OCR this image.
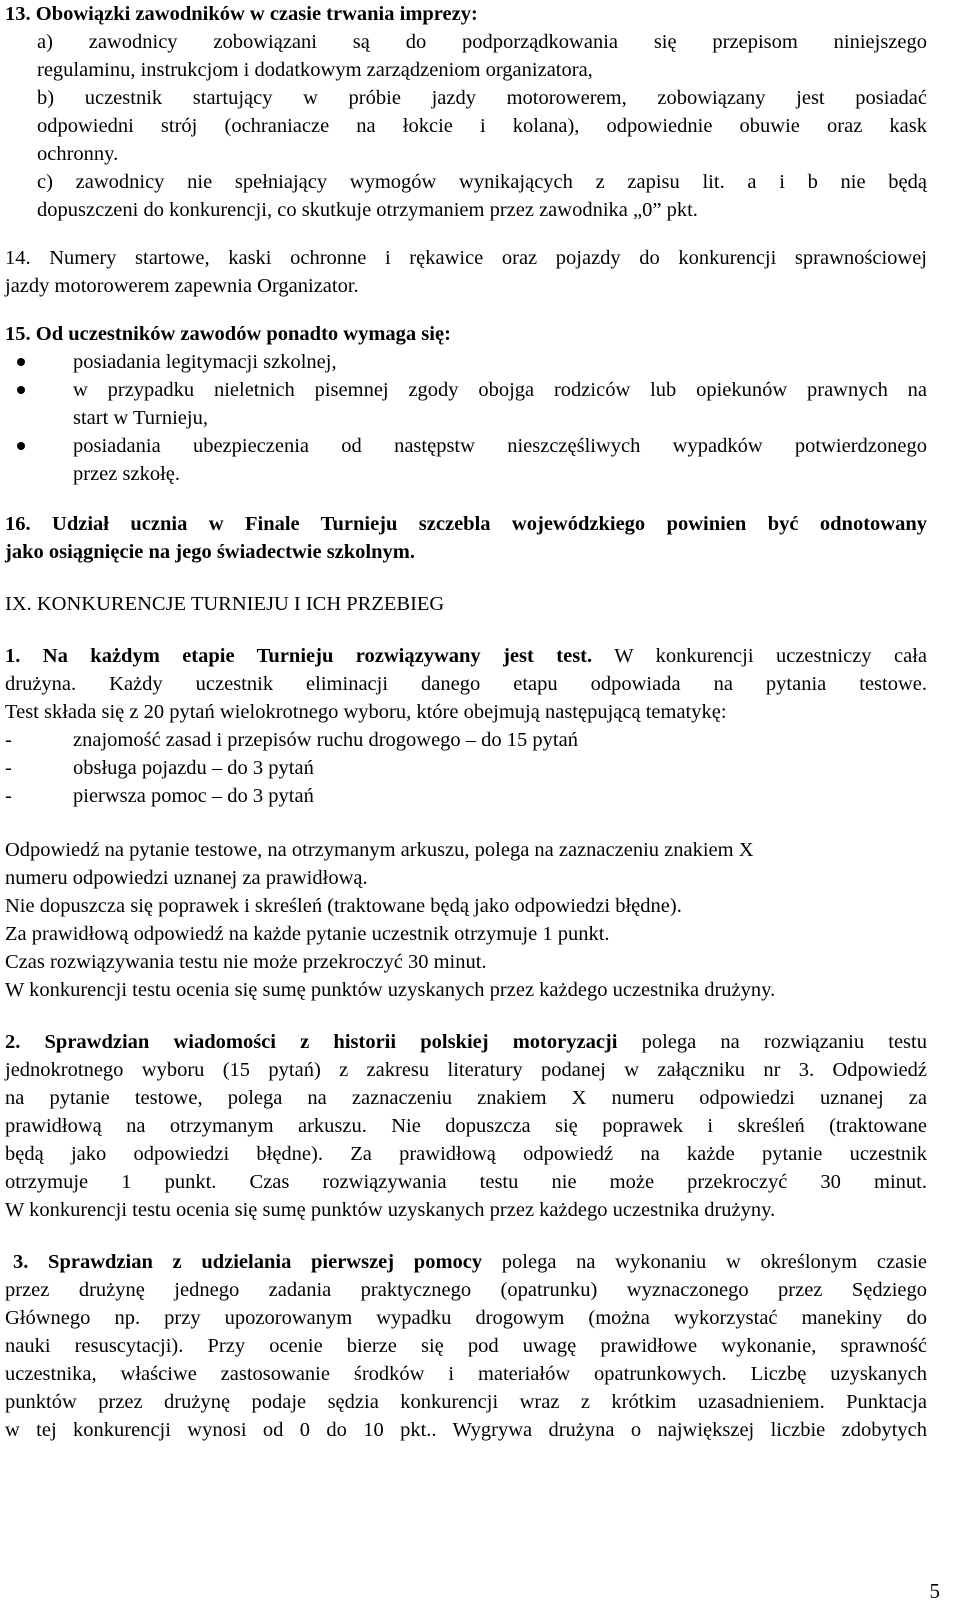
13. Obowiązki zawodników w czasie trwania imprezy:
a) zawodnicy zobowiązani są do podporządkowania się przepisom niniejszego
regulaminu, instrukcjom i dodatkowym zarządzeniom organizatora,
b) uczestnik startujący w próbie jazdy motorowerem, zobowiązany jest posiadać
odpowiedni strój (ochraniacze na łokcie i kolana), odpowiednie obuwie oraz kask
ochronny.
c) zawodnicy nie spełniający wymogów wynikających z zapisu lit. a i b nie będą
dopuszczeni do konkurencji, co skutkuje otrzymaniem przez zawodnika „0” pkt.
14. Numery startowe, kaski ochronne i rękawice oraz pojazdy do konkurencji sprawnościowej
jazdy motorowerem zapewnia Organizator.
15. Od uczestników zawodów ponadto wymaga się:
posiadania legitymacji szkolnej,
w przypadku nieletnich pisemnej zgody obojga rodziców lub opiekunów prawnych na
start w Turnieju,
posiadania ubezpieczenia od następstw nieszczęśliwych wypadków potwierdzonego
przez szkołę.
16. Udział ucznia w Finale Turnieju szczebla wojewódzkiego powinien być odnotowany
jako osiągnięcie na jego świadectwie szkolnym.
IX. KONKURENCJE TURNIEJU I ICH PRZEBIEG
1. Na każdym etapie Turnieju rozwiązywany jest test. W konkurencji uczestniczy cała
drużyna. Każdy uczestnik eliminacji danego etapu odpowiada na pytania testowe.
Test składa się z 20 pytań wielokrotnego wyboru, które obejmują następującą tematykę:
-	znajomość zasad i przepisów ruchu drogowego – do 15 pytań
-	obsługa pojazdu – do 3 pytań
-	pierwsza pomoc – do 3 pytań
Odpowiedź na pytanie testowe, na otrzymanym arkuszu, polega na zaznaczeniu znakiem X
numeru odpowiedzi uznanej za prawidłową.
Nie dopuszcza się poprawek i skreśleń (traktowane będą jako odpowiedzi błędne).
Za prawidłową odpowiedź na każde pytanie uczestnik otrzymuje 1 punkt.
Czas rozwiązywania testu nie może przekroczyć 30 minut.
W konkurencji testu ocenia się sumę punktów uzyskanych przez każdego uczestnika drużyny.
2. Sprawdzian wiadomości z historii polskiej motoryzacji polega na rozwiązaniu testu
jednokrotnego wyboru (15 pytań) z zakresu literatury podanej w załączniku nr 3. Odpowiedź
na pytanie testowe, polega na zaznaczeniu znakiem X numeru odpowiedzi uznanej za
prawidłową na otrzymanym arkuszu. Nie dopuszcza się poprawek i skreśleń (traktowane
będą jako odpowiedzi błędne). Za prawidłową odpowiedź na każde pytanie uczestnik
otrzymuje 1 punkt. Czas rozwiązywania testu nie może przekroczyć 30 minut.
W konkurencji testu ocenia się sumę punktów uzyskanych przez każdego uczestnika drużyny.
3. Sprawdzian z udzielania pierwszej pomocy polega na wykonaniu w określonym czasie
przez drużynę jednego zadania praktycznego (opatrunku) wyznaczonego przez Sędziego
Głównego np. przy upozorowanym wypadku drogowym (można wykorzystać manekiny do
nauki resuscytacji). Przy ocenie bierze się pod uwagę prawidłowe wykonanie, sprawność
uczestnika, właściwe zastosowanie środków i materiałów opatrunkowych. Liczbę uzyskanych
punktów przez drużynę podaje sędzia konkurencji wraz z krótkim uzasadnieniem. Punktacja
w tej konkurencji wynosi od 0 do 10 pkt.. Wygrywa drużyna o największej liczbie zdobytych
5
